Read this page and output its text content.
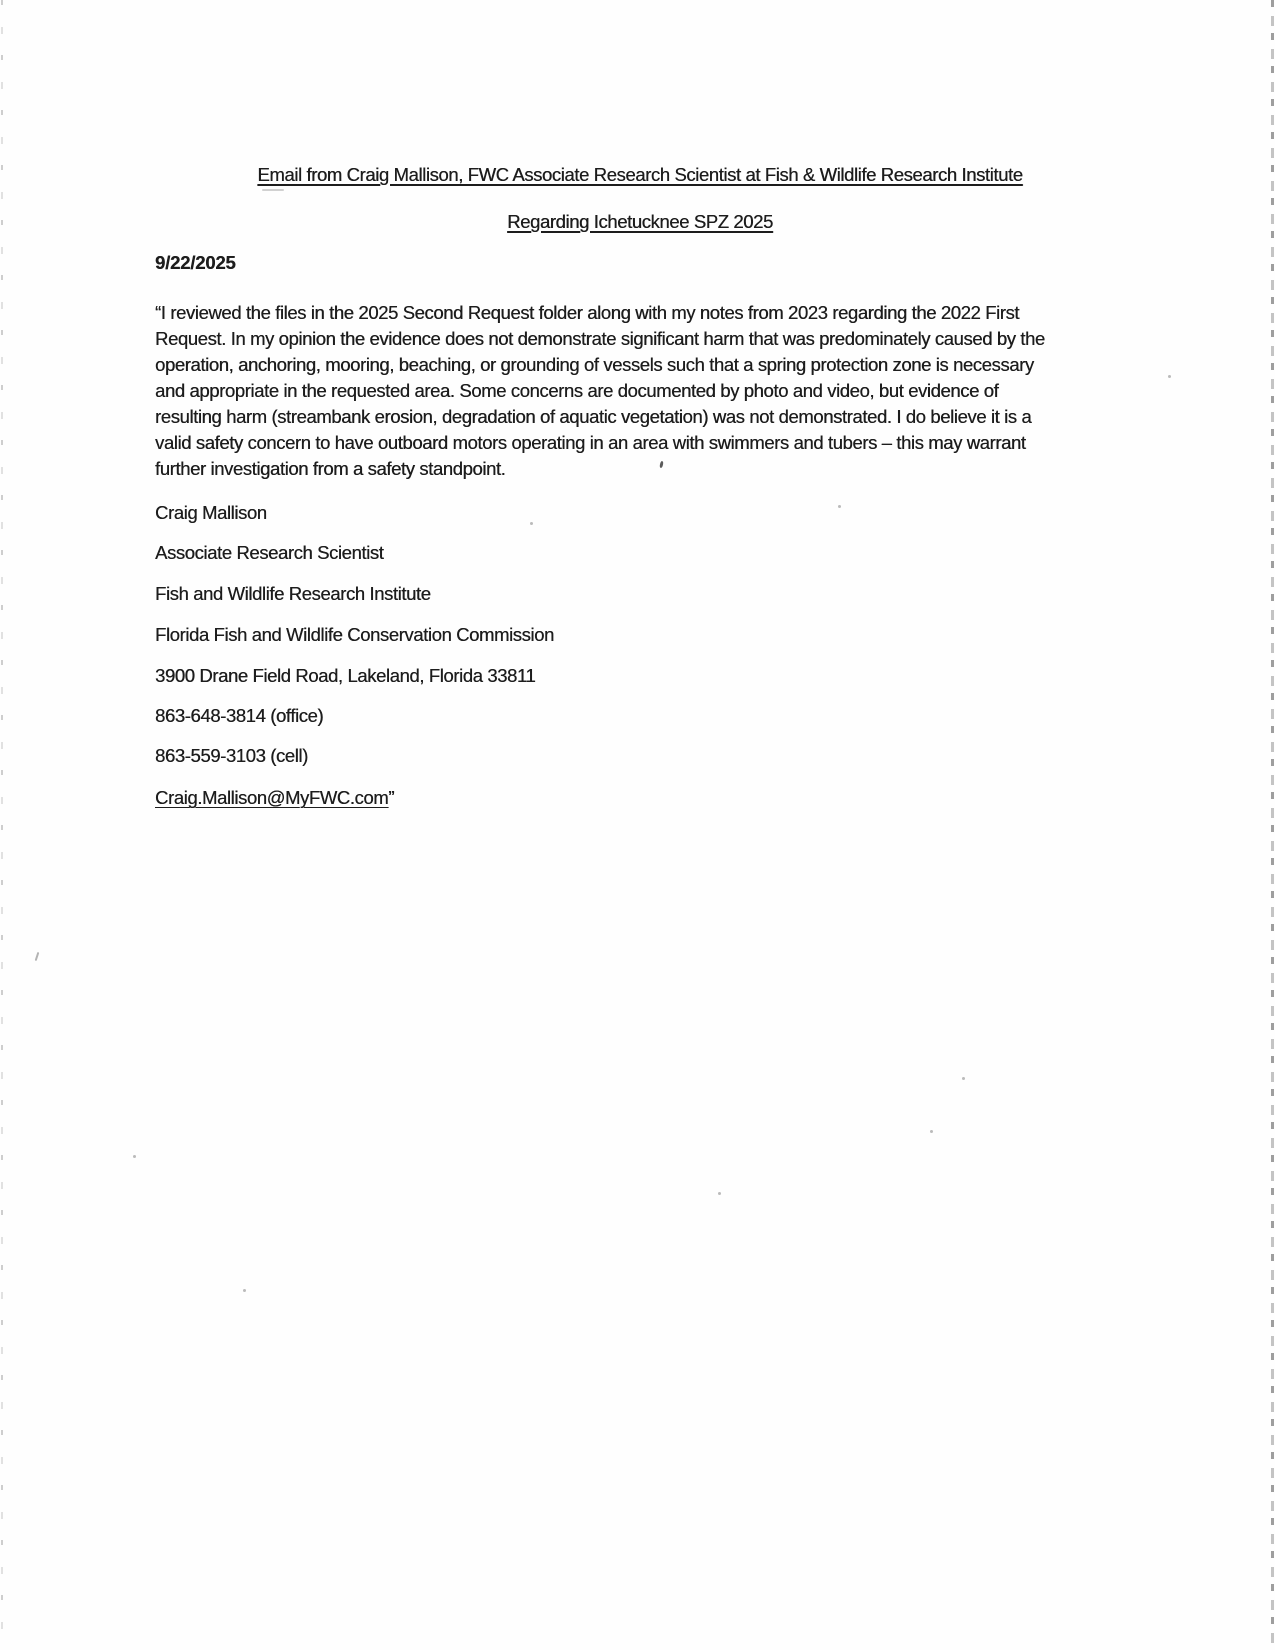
Email from Craig Mallison, FWC Associate Research Scientist at Fish & Wildlife Research Institute
Regarding Ichetucknee SPZ 2025
9/22/2025
“I reviewed the files in the 2025 Second Request folder along with my notes from 2023 regarding the 2022 First
Request. In my opinion the evidence does not demonstrate significant harm that was predominately caused by the
operation, anchoring, mooring, beaching, or grounding of vessels such that a spring protection zone is necessary
and appropriate in the requested area. Some concerns are documented by photo and video, but evidence of
resulting harm (streambank erosion, degradation of aquatic vegetation) was not demonstrated. I do believe it is a
valid safety concern to have outboard motors operating in an area with swimmers and tubers – this may warrant
further investigation from a safety standpoint.
Craig Mallison
Associate Research Scientist
Fish and Wildlife Research Institute
Florida Fish and Wildlife Conservation Commission
3900 Drane Field Road, Lakeland, Florida 33811
863-648-3814 (office)
863-559-3103 (cell)
Craig.Mallison@MyFWC.com”
